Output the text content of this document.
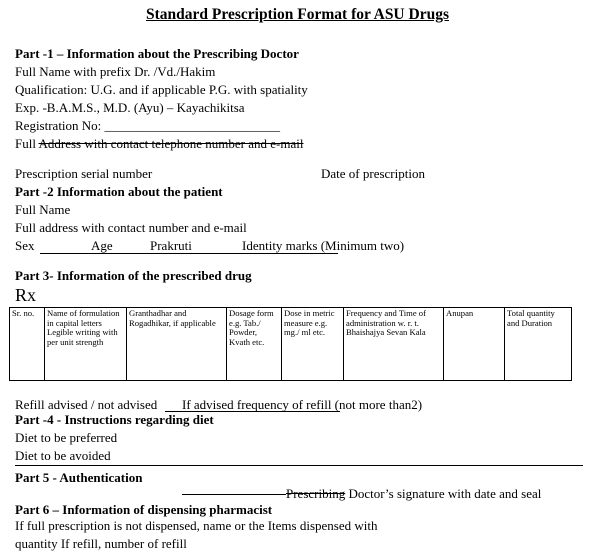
Standard Prescription Format for ASU Drugs
Part -1 – Information about the Prescribing Doctor
Full Name with prefix Dr. /Vd./Hakim
Qualification: U.G. and if applicable P.G. with spatiality
Exp. -B.A.M.S., M.D. (Ayu) – Kayachikitsa
Registration No: ___________________________
Full Address with contact telephone number and e-mail
Prescription serial number	Date of prescription
Part -2 Information about the patient
Full Name
Full address with contact number and e-mail
Sex	Age	Prakruti	Identity marks (Minimum two)
Part 3- Information of the prescribed drug
Rx
Sr. no.	Name of formulation in capital letters Legible writing with per unit strength	Granthadhar and Rogadhikar, if applicable	Dosage form e.g. Tab./ Powder, Kvath etc.	Dose in metric measure e.g. mg./ ml etc.	Frequency and Time of administration w. r. t. Bhaishajya Sevan Kala	Anupan	Total quantity and Duration
Refill advised / not advised If advised frequency of refill (not more than2)
Part -4 - Instructions regarding diet
Diet to be preferred
Diet to be avoided
Part 5 - Authentication
Prescribing Doctor’s signature with date and seal
Part 6 – Information of dispensing pharmacist
If full prescription is not dispensed, name or the Items dispensed with
quantity If refill, number of refill
